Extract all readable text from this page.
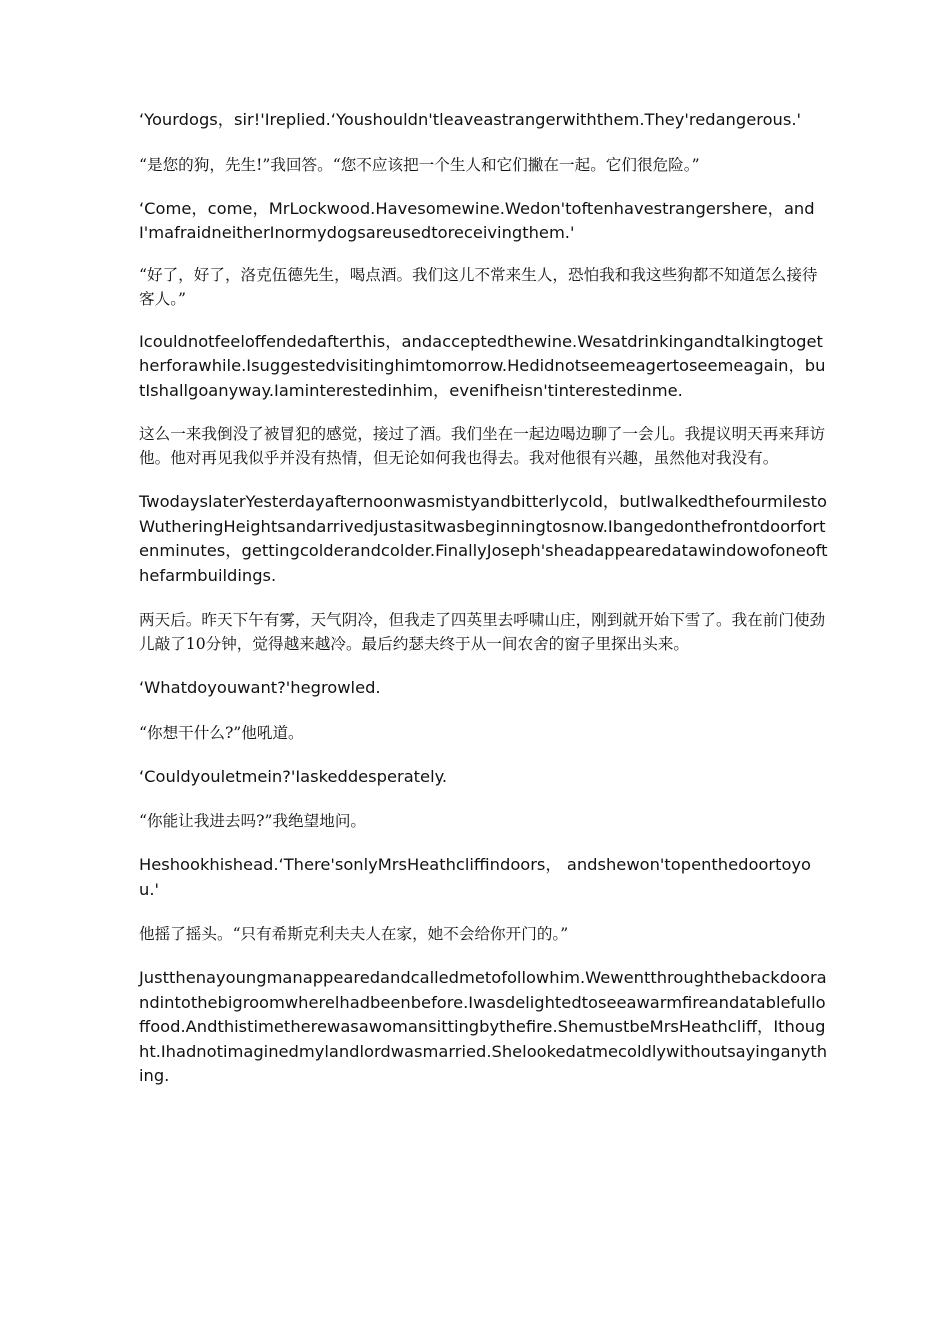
‘Yourdogs，sir!'Ireplied.‘Youshouldn'tleaveastrangerwiththem.They'redangerous.'

“是您的狗，先生!”我回答。“您不应该把一个生人和它们撇在一起。它们很危险。”

‘Come，come，MrLockwood.Havesomewine.Wedon'toftenhavestrangershere，andI'mafraidneitherInormydogsareusedtoreceivingthem.'

“好了，好了，洛克伍德先生，喝点酒。我们这儿不常来生人，恐怕我和我这些狗都不知道怎么接待客人。”

Icouldnotfeeloffendedafterthis，andacceptedthewine.Wesatdrinkingandtalkingtogetherforawhile.Isuggestedvisitinghimtomorrow.Hedidnotseemeagertoseemeagain，butIshallgoanyway.Iaminterestedinhim，evenifheisn'tinterestedinme.

这么一来我倒没了被冒犯的感觉，接过了酒。我们坐在一起边喝边聊了一会儿。我提议明天再来拜访他。他对再见我似乎并没有热情，但无论如何我也得去。我对他很有兴趣，虽然他对我没有。

TwodayslaterYesterdayafternoonwasmistyandbitterlycold，butIwalkedthefourmilestoWutheringHeightsandarrivedjustasitwasbeginningtosnow.Ibangedonthefrontdoorfortenminutes，gettingcolderandcolder.FinallyJoseph'sheadappearedatawindowofoneofthefarmbuildings.

两天后。昨天下午有雾，天气阴冷，但我走了四英里去呼啸山庄，刚到就开始下雪了。我在前门使劲儿敲了10分钟，觉得越来越冷。最后约瑟夫终于从一间农舍的窗子里探出头来。

‘Whatdoyouwant?'hegrowled.

“你想干什么?”他吼道。

‘Couldyouletmein?'Iaskeddesperately.

“你能让我进去吗?”我绝望地问。

Heshookhishead.‘There'sonlyMrsHeathcliffindoors， andshewon'topenthedoortoyou.'

他摇了摇头。“只有希斯克利夫夫人在家，她不会给你开门的。”

Justthenayoungmanappearedandcalledmetofollowhim.Wewentthroughthebackdoorandintothebigroomwherelhadbeenbefore.Iwasdelightedtoseeawarmfireandatablefulloffood.Andthistimetherewasawomansittingbythefire.ShemustbeMrsHeathcliff，Ithought.Ihadnotimaginedmylandlordwasmarried.Shelookedatmecoldlywithoutsayinganything.
